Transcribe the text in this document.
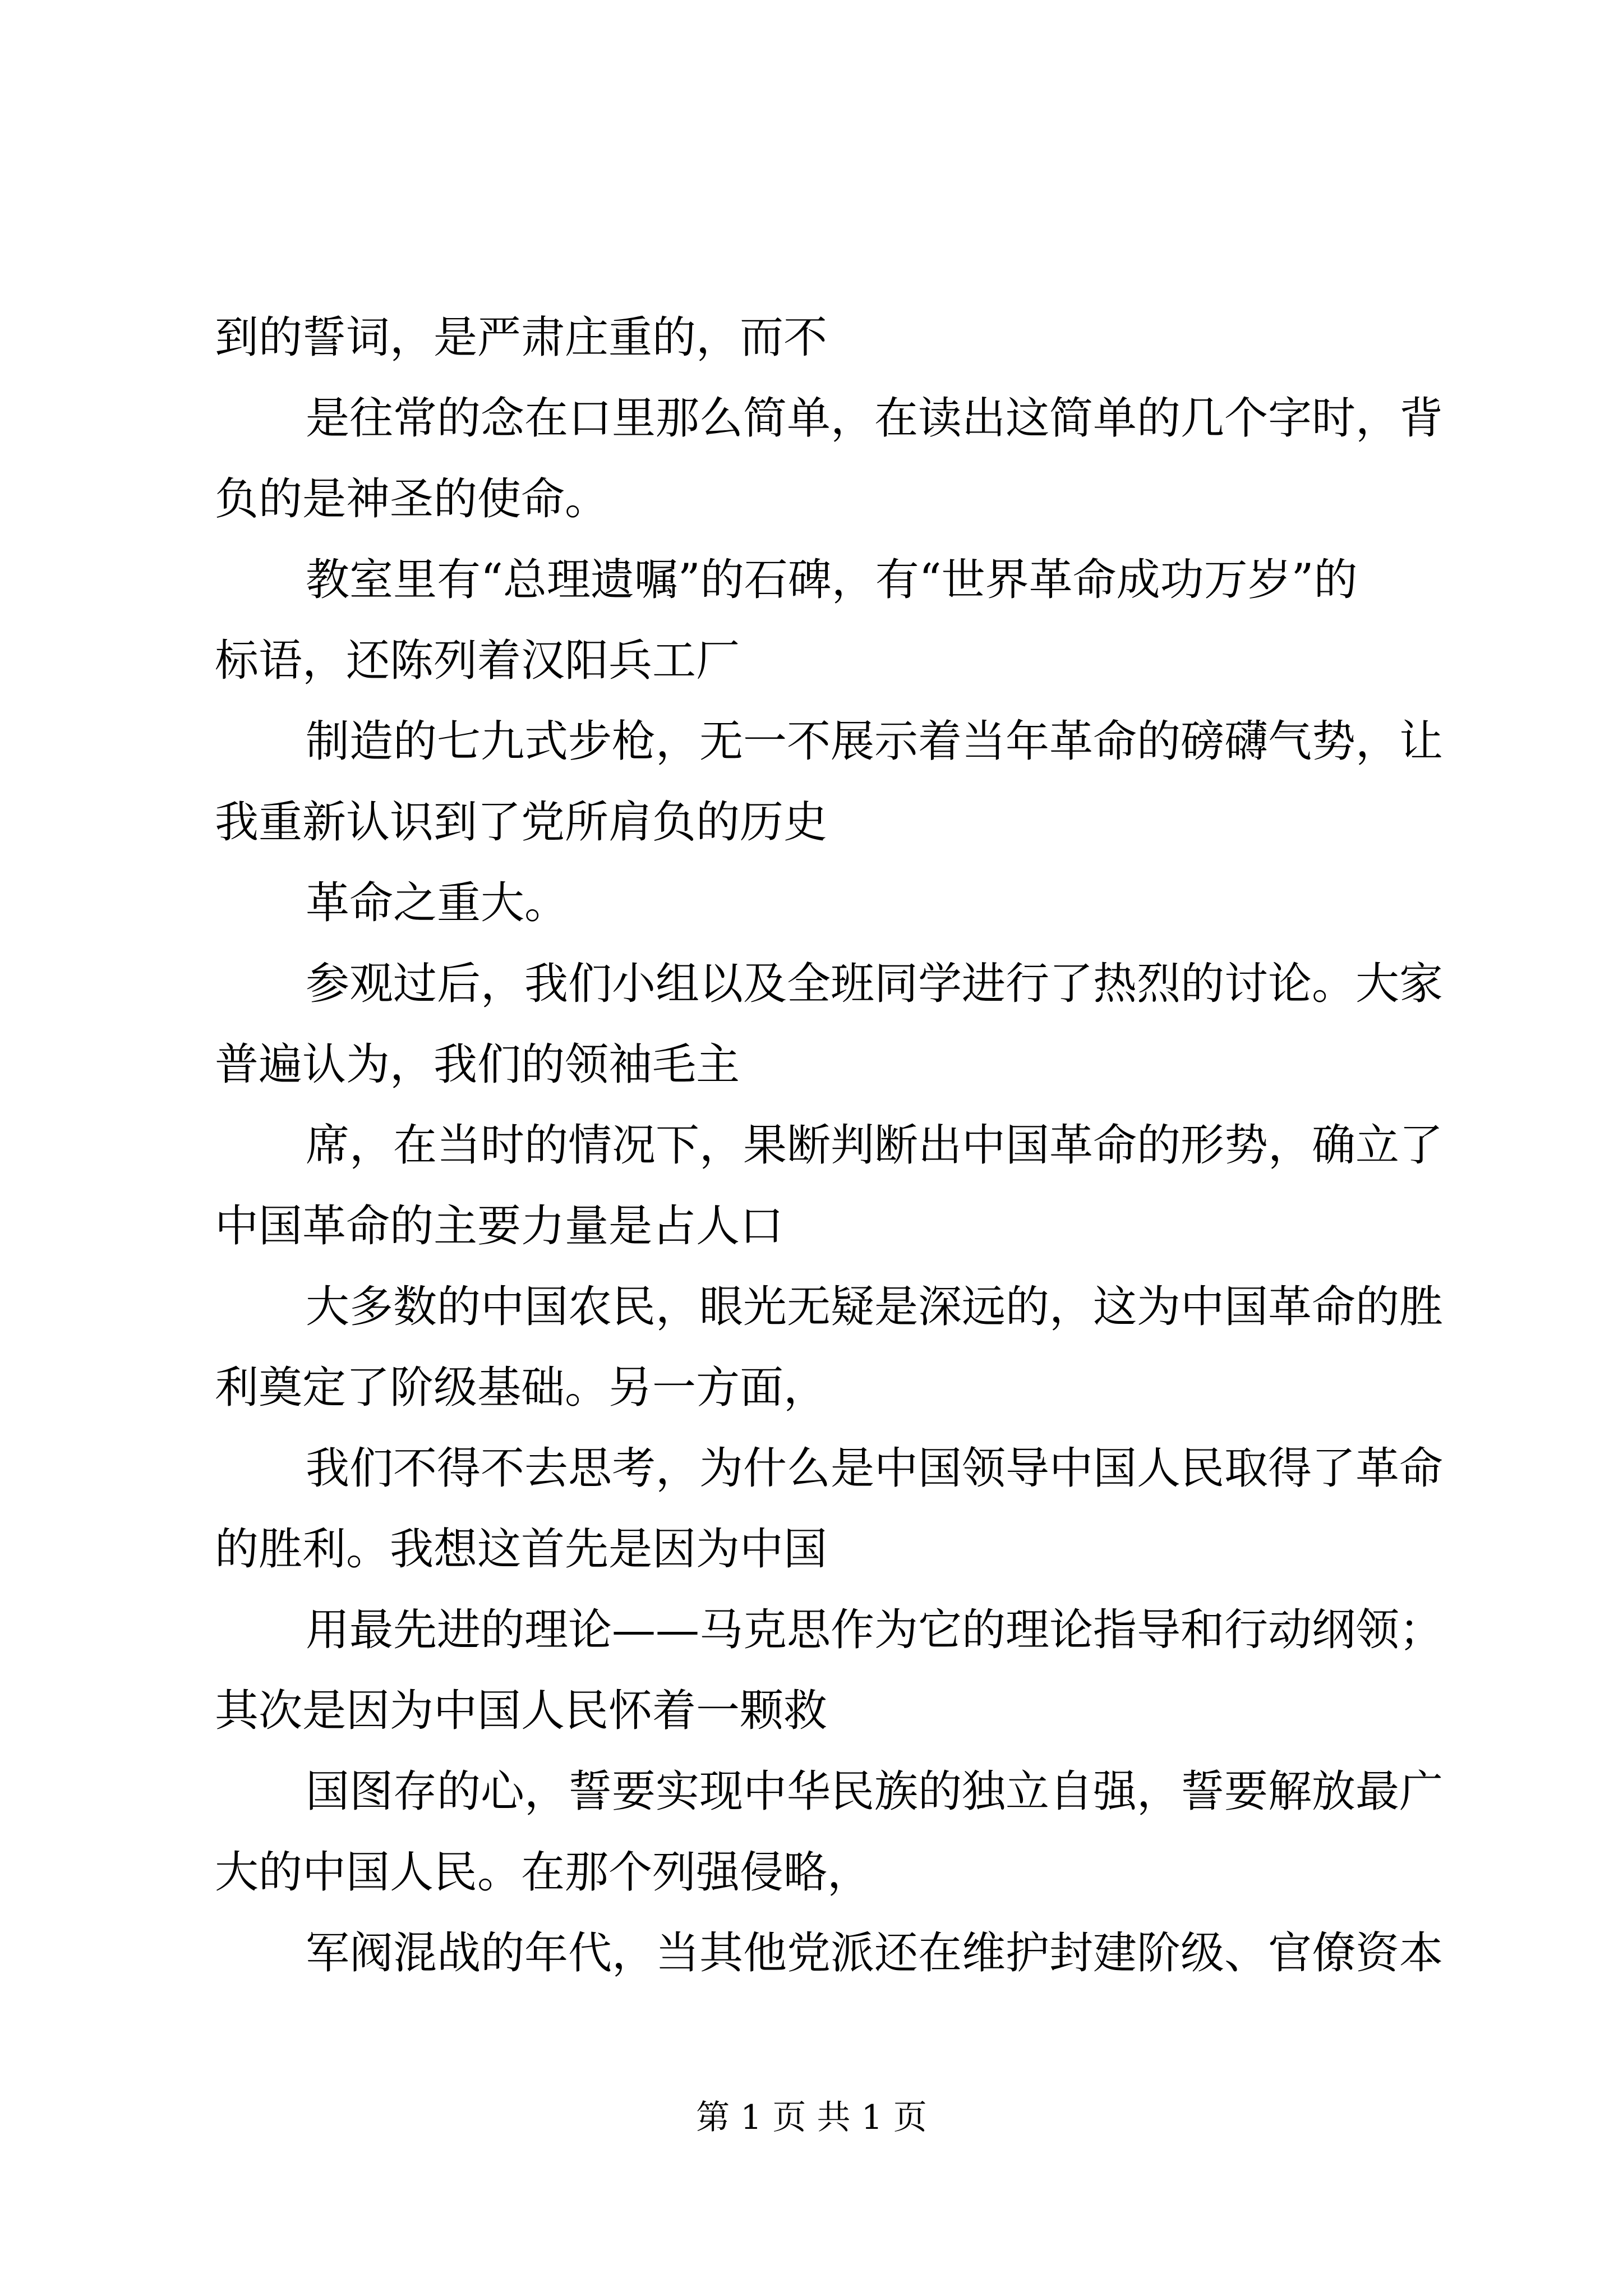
到的誓词，是严肃庄重的，而不
是往常的念在口里那么简单，在读出这简单的几个字时，背
负的是神圣的使命。
教室里有“总理遗嘱”的石碑，有“世界革命成功万岁”的
标语，还陈列着汉阳兵工厂
制造的七九式步枪，无一不展示着当年革命的磅礴气势，让
我重新认识到了党所肩负的历史
革命之重大。
参观过后，我们小组以及全班同学进行了热烈的讨论。大家
普遍认为，我们的领袖毛主
席，在当时的情况下，果断判断出中国革命的形势，确立了
中国革命的主要力量是占人口
大多数的中国农民，眼光无疑是深远的，这为中国革命的胜
利奠定了阶级基础。另一方面，
我们不得不去思考，为什么是中国领导中国人民取得了革命
的胜利。我想这首先是因为中国
用最先进的理论——马克思作为它的理论指导和行动纲领；
其次是因为中国人民怀着一颗救
国图存的心，誓要实现中华民族的独立自强，誓要解放最广
大的中国人民。在那个列强侵略，
军阀混战的年代，当其他党派还在维护封建阶级、官僚资本
第 1 页 共 1 页
